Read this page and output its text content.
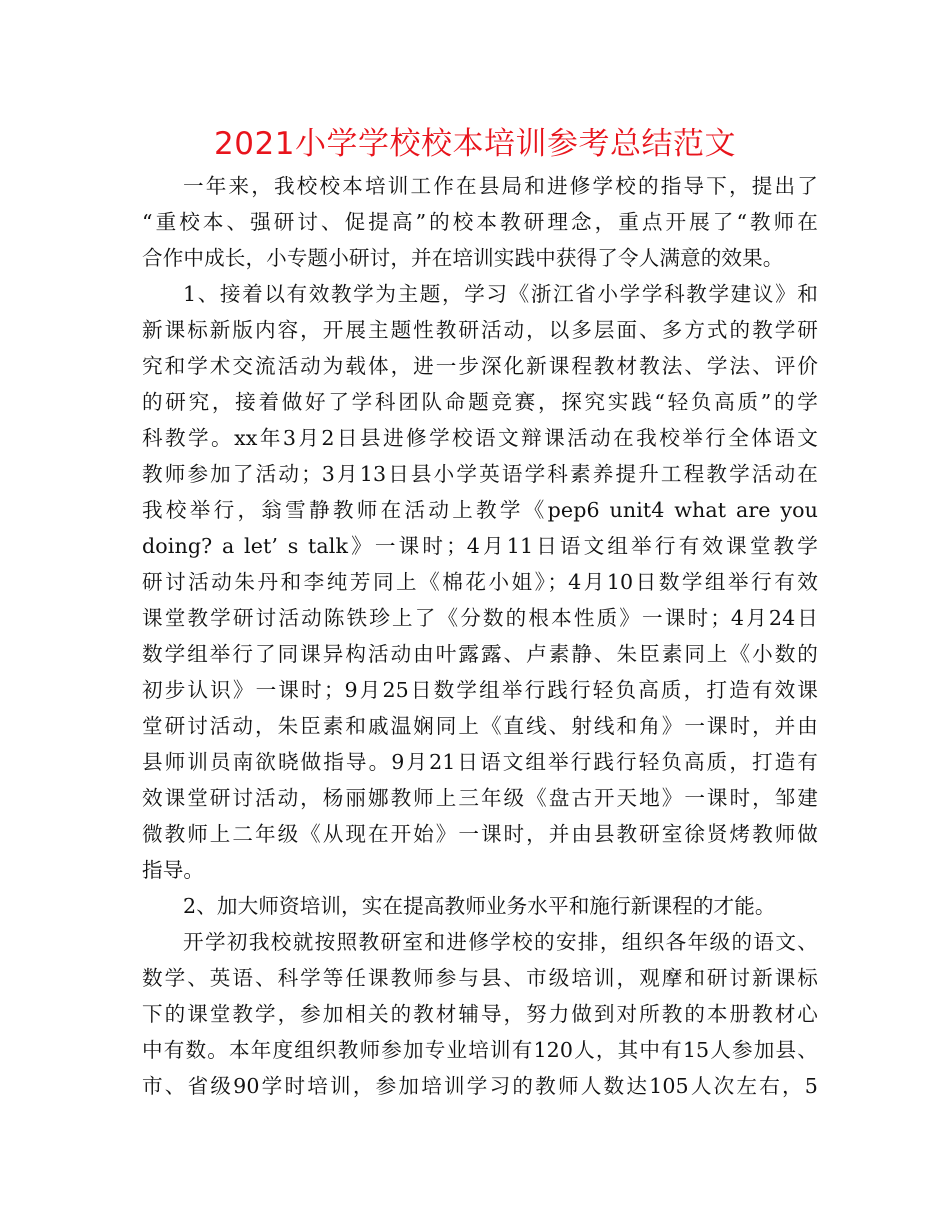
2021小学学校校本培训参考总结范文
一年来，我校校本培训工作在县局和进修学校的指导下，提出了
“重校本、强研讨、促提高”的校本教研理念，重点开展了“教师在
合作中成长，小专题小研讨，并在培训实践中获得了令人满意的效果。
1、接着以有效教学为主题，学习《浙江省小学学科教学建议》和
新课标新版内容，开展主题性教研活动，以多层面、多方式的教学研
究和学术交流活动为载体，进一步深化新课程教材教法、学法、评价
的研究，接着做好了学科团队命题竞赛，探究实践“轻负高质”的学
科教学。xx年3月2日县进修学校语文辩课活动在我校举行全体语文
教师参加了活动；3月13日县小学英语学科素养提升工程教学活动在
我校举行，翁雪静教师在活动上教学《pep6 unit4 what are you
doing? a let’ s talk》一课时；4月11日语文组举行有效课堂教学
研讨活动朱丹和李纯芳同上《棉花小姐》；4月10日数学组举行有效
课堂教学研讨活动陈铁珍上了《分数的根本性质》一课时；4月24日
数学组举行了同课异构活动由叶露露、卢素静、朱臣素同上《小数的
初步认识》一课时；9月25日数学组举行践行轻负高质，打造有效课
堂研讨活动，朱臣素和戚温娴同上《直线、射线和角》一课时，并由
县师训员南欲晓做指导。9月21日语文组举行践行轻负高质，打造有
效课堂研讨活动，杨丽娜教师上三年级《盘古开天地》一课时，邹建
微教师上二年级《从现在开始》一课时，并由县教研室徐贤烤教师做
指导。
2、加大师资培训，实在提高教师业务水平和施行新课程的才能。
开学初我校就按照教研室和进修学校的安排，组织各年级的语文、
数学、英语、科学等任课教师参与县、市级培训，观摩和研讨新课标
下的课堂教学，参加相关的教材辅导，努力做到对所教的本册教材心
中有数。本年度组织教师参加专业培训有120人，其中有15人参加县、
市、省级90学时培训，参加培训学习的教师人数达105人次左右，5
